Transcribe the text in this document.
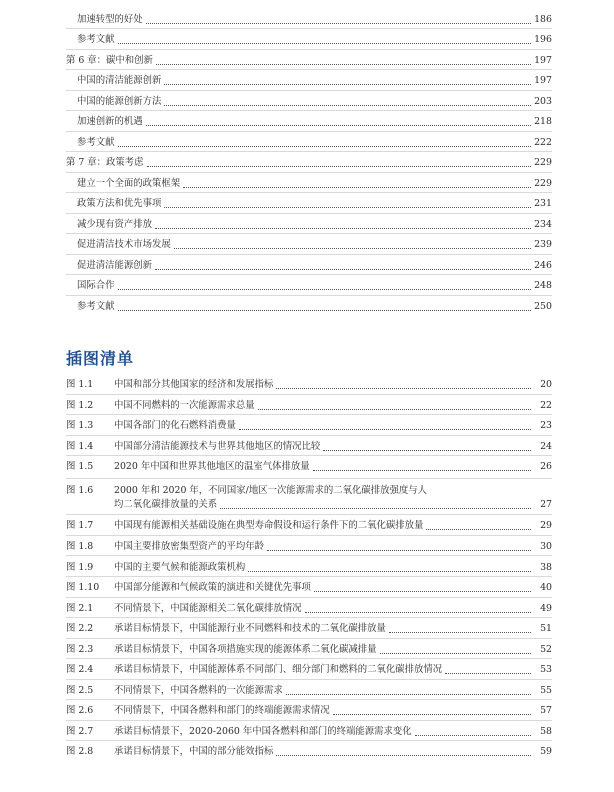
加速转型的好处	186
参考文献	196
第 6 章：碳中和创新	197
中国的清洁能源创新	197
中国的能源创新方法	203
加速创新的机遇	218
参考文献	222
第 7 章：政策考虑	229
建立一个全面的政策框架	229
政策方法和优先事项	231
减少现有资产排放	234
促进清洁技术市场发展	239
促进清洁能源创新	246
国际合作	248
参考文献	250
插图清单
图 1.1	中国和部分其他国家的经济和发展指标	20
图 1.2	中国不同燃料的一次能源需求总量	22
图 1.3	中国各部门的化石燃料消费量	23
图 1.4	中国部分清洁能源技术与世界其他地区的情况比较	24
图 1.5	2020 年中国和世界其他地区的温室气体排放量	26
图 1.6 2000 年和 2020 年，不同国家/地区一次能源需求的二氧化碳排放强度与人
均二氧化碳排放量的关系	27
图 1.7	中国现有能源相关基础设施在典型寿命假设和运行条件下的二氧化碳排放量	29
图 1.8	中国主要排放密集型资产的平均年龄	30
图 1.9	中国的主要气候和能源政策机构	38
图 1.10	中国部分能源和气候政策的演进和关键优先事项	40
图 2.1	不同情景下，中国能源相关二氧化碳排放情况	49
图 2.2	承诺目标情景下，中国能源行业不同燃料和技术的二氧化碳排放量	51
图 2.3	承诺目标情景下，中国各项措施实现的能源体系二氧化碳减排量	52
图 2.4	承诺目标情景下，中国能源体系不同部门、细分部门和燃料的二氧化碳排放情况	53
图 2.5	不同情景下，中国各燃料的一次能源需求	55
图 2.6	不同情景下，中国各燃料和部门的终端能源需求情况	57
图 2.7	承诺目标情景下，2020-2060 年中国各燃料和部门的终端能源需求变化	58
图 2.8	承诺目标情景下，中国的部分能效指标	59
